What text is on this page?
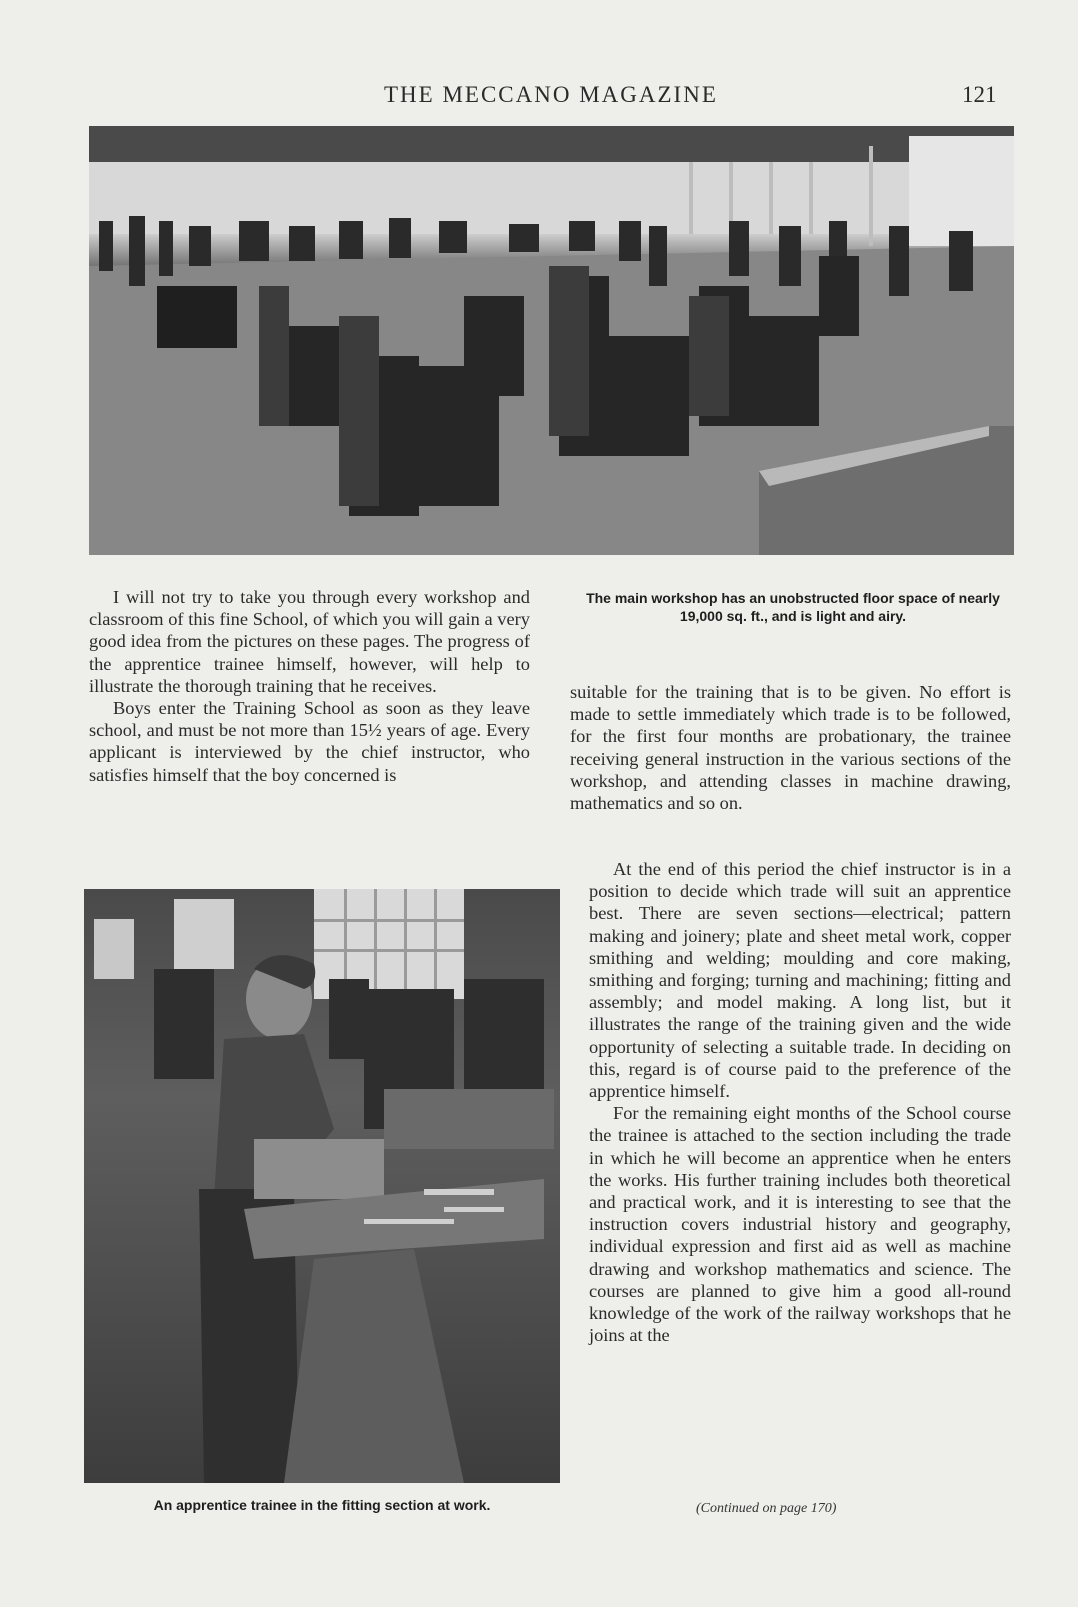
THE MECCANO MAGAZINE	121

I will not try to take you through every workshop and classroom of this fine School, of which you will gain a very good idea from the pictures on these pages. The progress of the apprentice trainee himself, however, will help to illustrate the thorough training that he receives.

Boys enter the Training School as soon as they leave school, and must be not more than 15½ years of age. Every applicant is interviewed by the chief instructor, who satisfies himself that the boy concerned is

The main workshop has an unobstructed floor space of nearly 19,000 sq. ft., and is light and airy.

suitable for the training that is to be given. No effort is made to settle immediately which trade is to be followed, for the first four months are probationary, the trainee receiving general instruction in the various sections of the workshop, and attending classes in machine drawing, mathematics and so on.

At the end of this period the chief instructor is in a position to decide which trade will suit an apprentice best. There are seven sections—electrical; pattern making and joinery; plate and sheet metal work, copper smithing and welding; moulding and core making, smithing and forging; turning and machining; fitting and assembly; and model making. A long list, but it illustrates the range of the training given and the wide opportunity of selecting a suitable trade. In deciding on this, regard is of course paid to the preference of the apprentice himself.

For the remaining eight months of the School course the trainee is attached to the section including the trade in which he will become an apprentice when he enters the works. His further training includes both theoretical and practical work, and it is interesting to see that the instruction covers industrial history and geography, individual expression and first aid as well as machine drawing and workshop mathematics and science. The courses are planned to give him a good all-round knowledge of the work of the railway workshops that he joins at the

(Continued on page 170)
An apprentice trainee in the fitting section at work.
